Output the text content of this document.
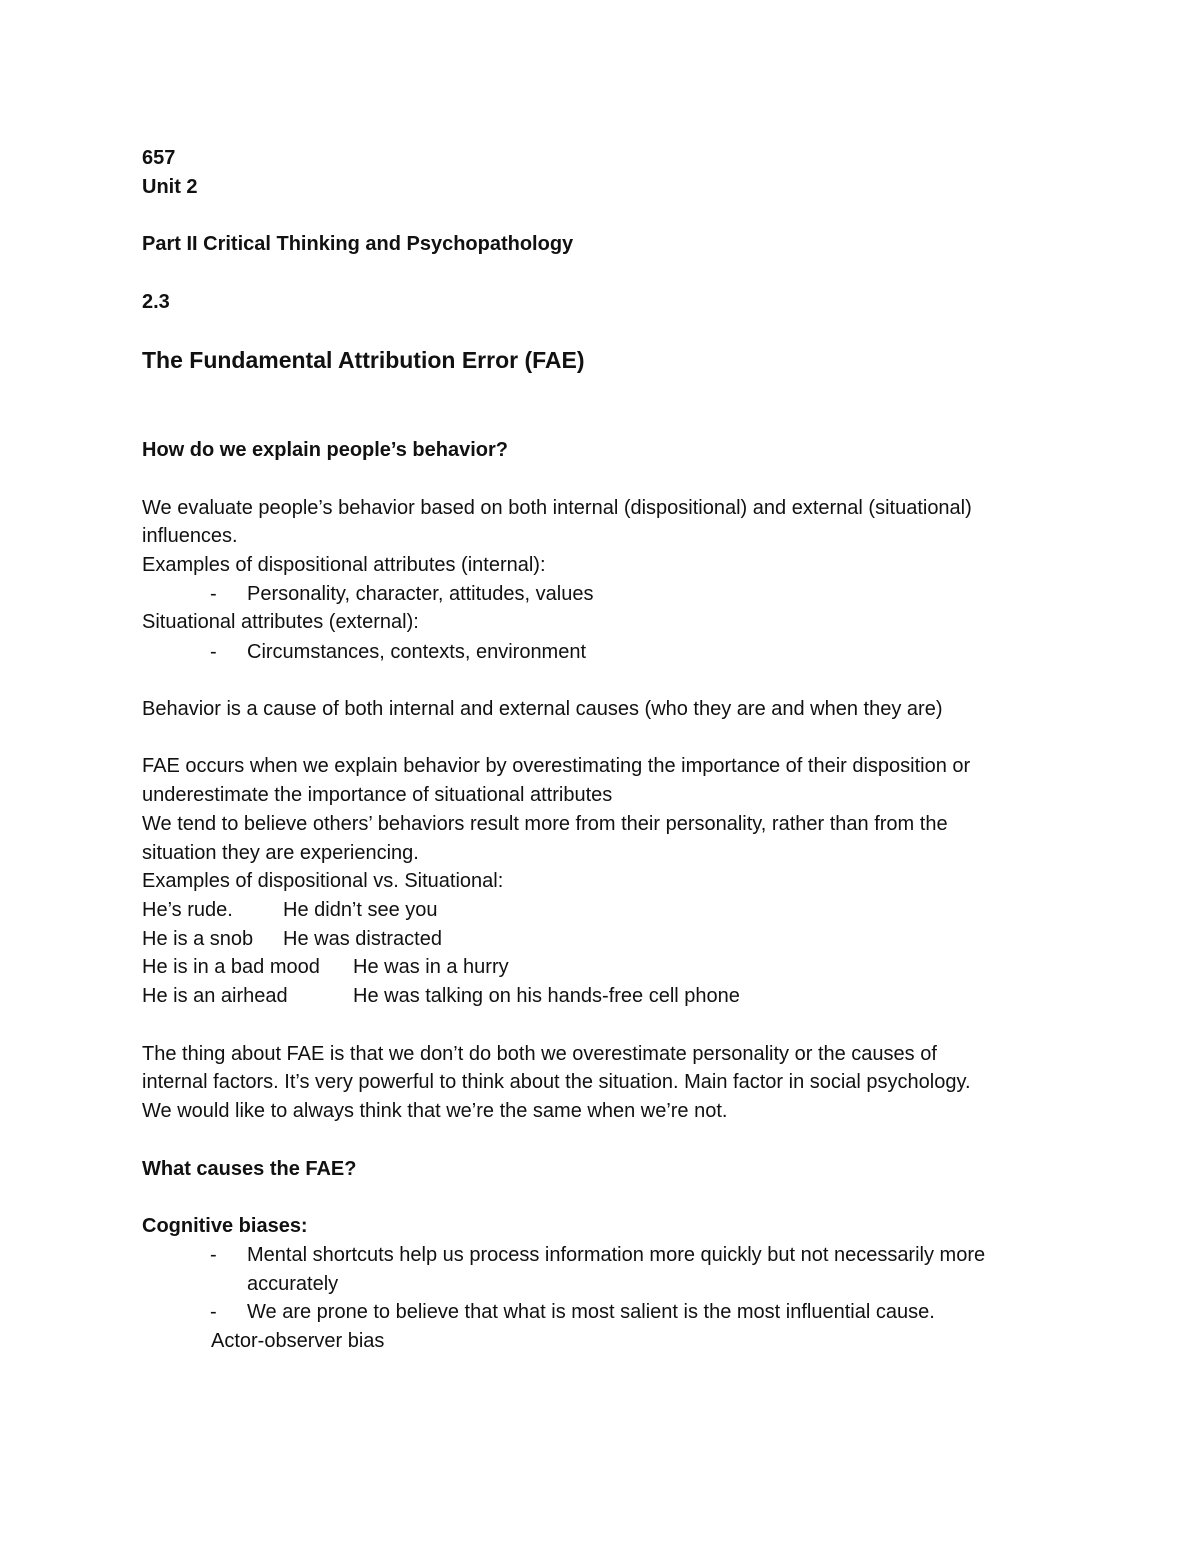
657
Unit 2
Part II Critical Thinking and Psychopathology
2.3
The Fundamental Attribution Error (FAE)
How do we explain people’s behavior?
We evaluate people’s behavior based on both internal (dispositional) and external (situational)
influences.
Examples of dispositional attributes (internal):
- Personality, character, attitudes, values
Situational attributes (external):
- Circumstances, contexts, environment
Behavior is a cause of both internal and external causes (who they are and when they are)
FAE occurs when we explain behavior by overestimating the importance of their disposition or
underestimate the importance of situational attributes
We tend to believe others’ behaviors result more from their personality, rather than from the
situation they are experiencing.
Examples of dispositional vs. Situational:
He’s rude.	He didn’t see you
He is a snob He was distracted
He is in a bad mood He was in a hurry
He is an airhead	He was talking on his hands-free cell phone
The thing about FAE is that we don’t do both we overestimate personality or the causes of
internal factors. It’s very powerful to think about the situation. Main factor in social psychology.
We would like to always think that we’re the same when we’re not.
What causes the FAE?
Cognitive biases:
- Mental shortcuts help us process information more quickly but not necessarily more
accurately
- We are prone to believe that what is most salient is the most influential cause.
Actor-observer bias
